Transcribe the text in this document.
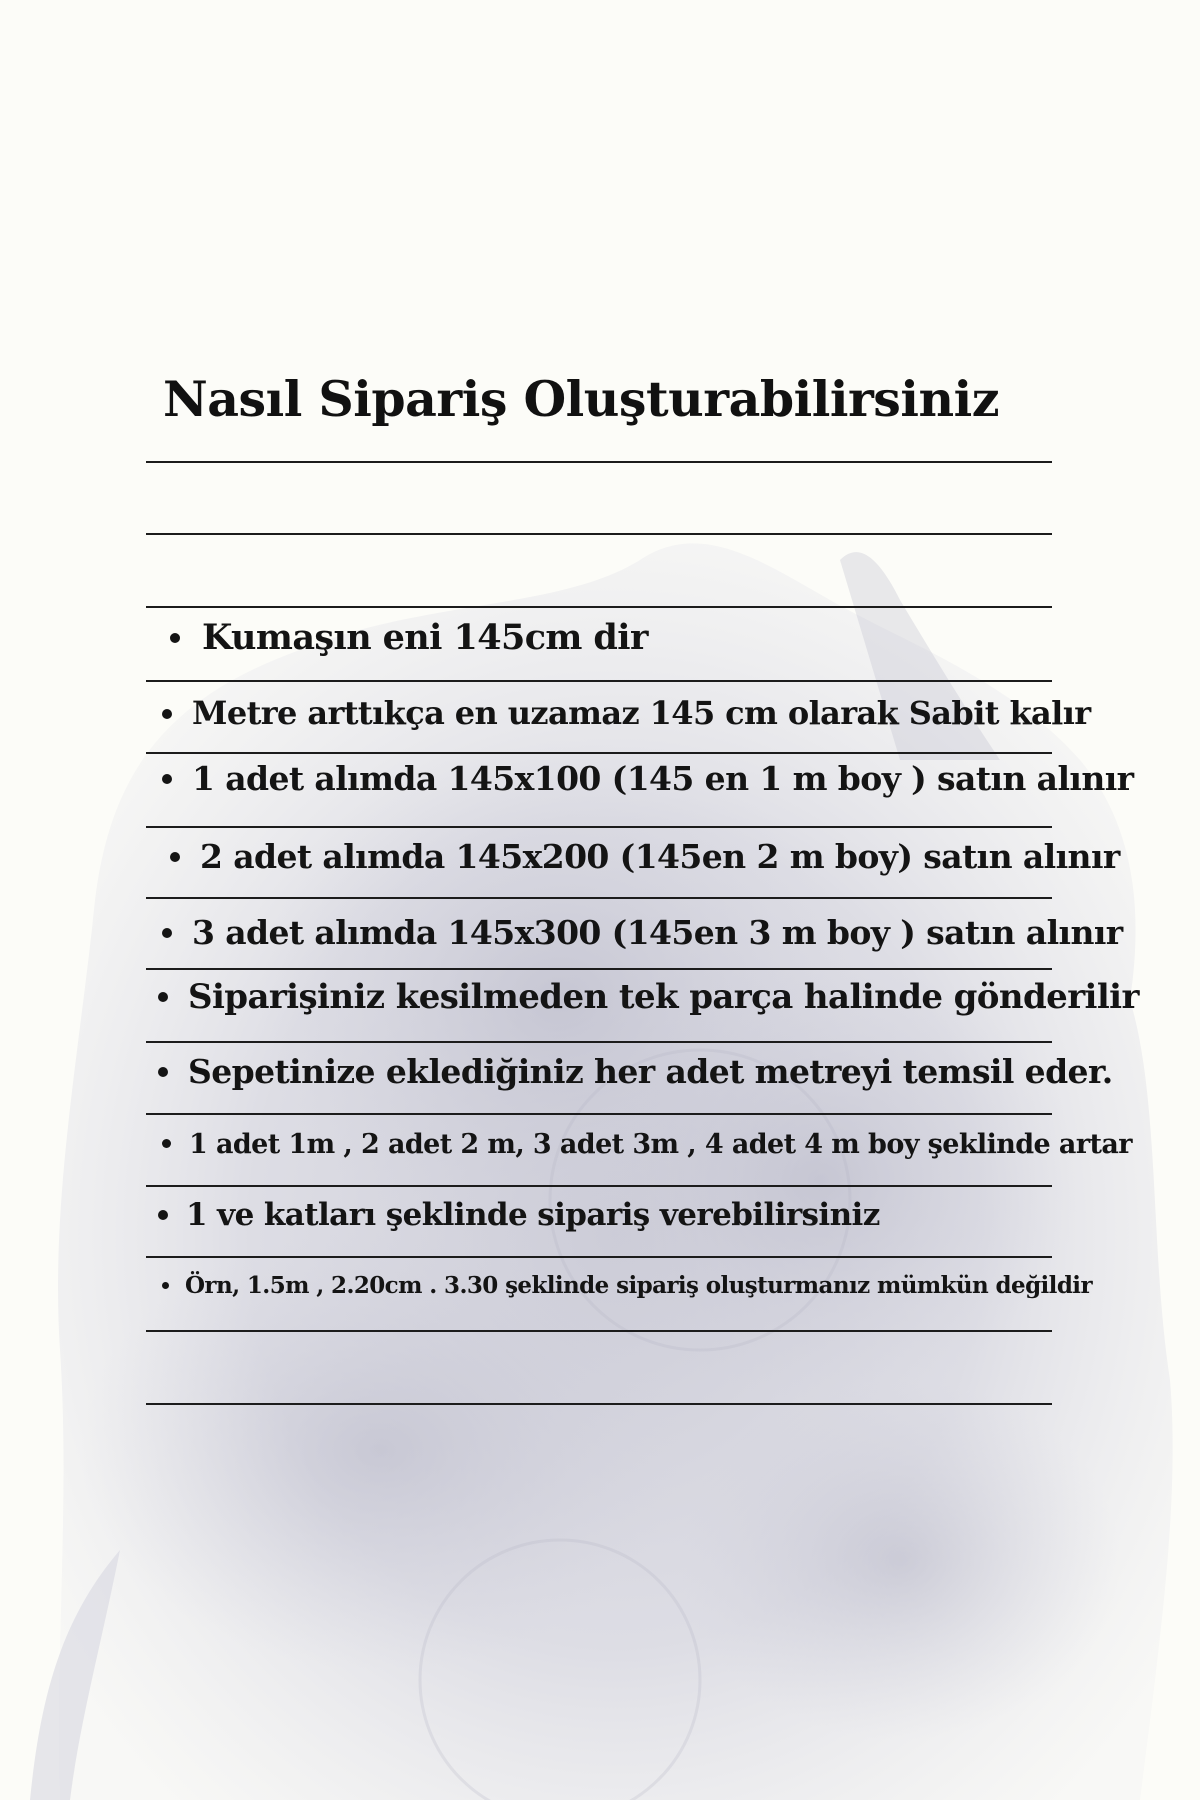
Nasıl Sipariş Oluşturabilirsiniz
Kumaşın eni 145cm dir
Metre arttıkça en uzamaz 145 cm olarak Sabit kalır
1 adet alımda 145x100 (145 en 1 m boy ) satın alınır
2 adet alımda 145x200 (145en 2 m boy) satın alınır
3 adet alımda 145x300 (145en 3 m boy ) satın alınır
Siparişiniz kesilmeden tek parça halinde gönderilir
Sepetinize eklediğiniz her adet metreyi temsil eder.
1 adet 1m , 2 adet 2 m, 3 adet 3m , 4 adet 4 m boy şeklinde artar
1 ve katları şeklinde sipariş verebilirsiniz
Örn, 1.5m , 2.20cm . 3.30 şeklinde sipariş oluşturmanız mümkün değildir
